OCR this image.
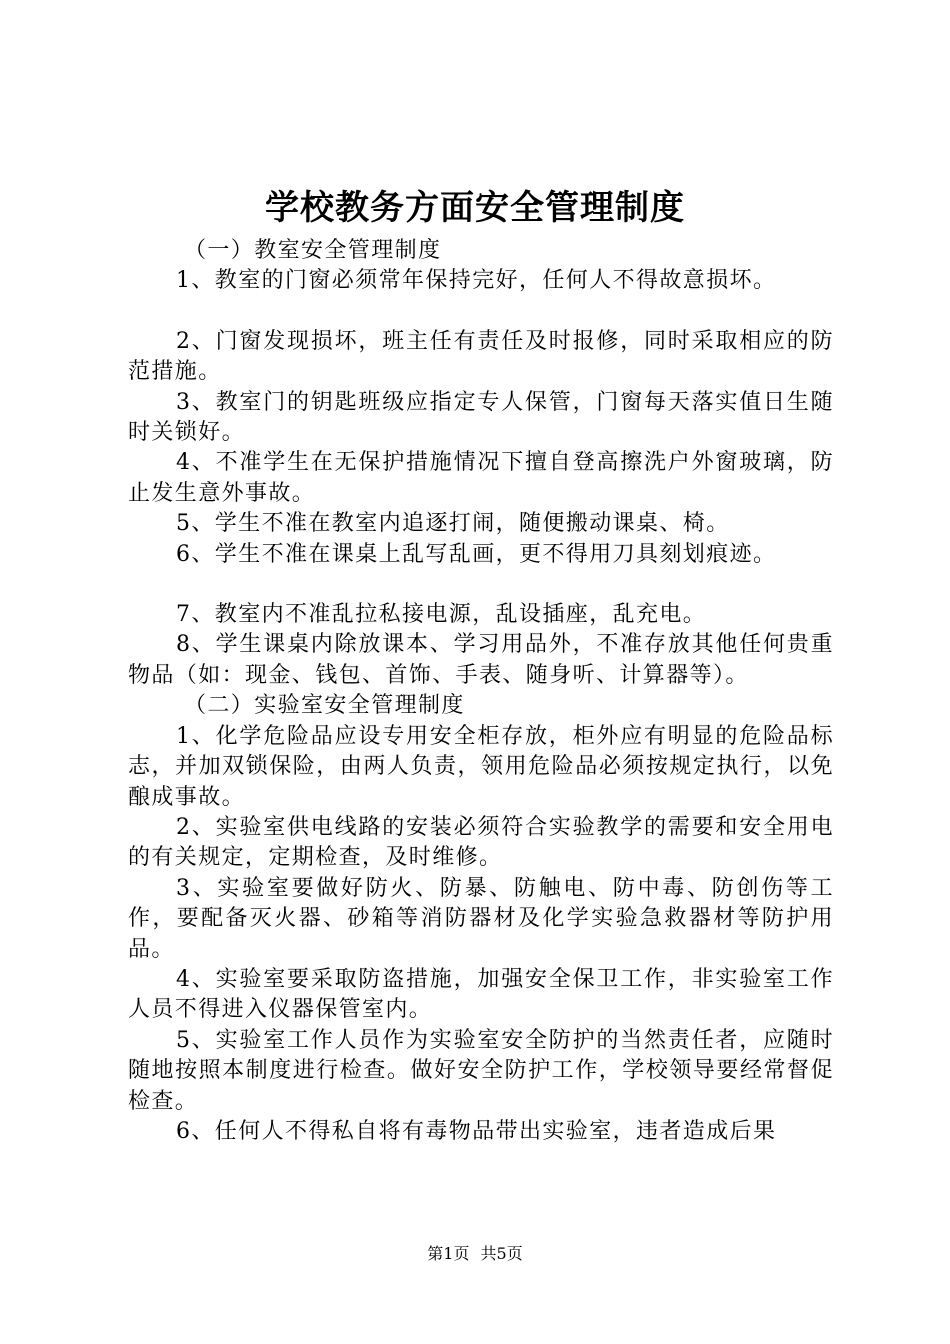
学校教务方面安全管理制度

（一）教室安全管理制度

1、教室的门窗必须常年保持完好，任何人不得故意损坏。

2、门窗发现损坏，班主任有责任及时报修，同时采取相应的防范措施。

3、教室门的钥匙班级应指定专人保管，门窗每天落实值日生随时关锁好。

4、不准学生在无保护措施情况下擅自登高擦洗户外窗玻璃，防止发生意外事故。

5、学生不准在教室内追逐打闹，随便搬动课桌、椅。

6、学生不准在课桌上乱写乱画，更不得用刀具刻划痕迹。

7、教室内不准乱拉私接电源，乱设插座，乱充电。

8、学生课桌内除放课本、学习用品外，不准存放其他任何贵重物品（如：现金、钱包、首饰、手表、随身听、计算器等）。

（二）实验室安全管理制度

1、化学危险品应设专用安全柜存放，柜外应有明显的危险品标志，并加双锁保险，由两人负责，领用危险品必须按规定执行，以免酿成事故。

2、实验室供电线路的安装必须符合实验教学的需要和安全用电的有关规定，定期检查，及时维修。

3、实验室要做好防火、防暴、防触电、防中毒、防创伤等工作，要配备灭火器、砂箱等消防器材及化学实验急救器材等防护用品。

4、实验室要采取防盗措施，加强安全保卫工作，非实验室工作人员不得进入仪器保管室内。

5、实验室工作人员作为实验室安全防护的当然责任者，应随时随地按照本制度进行检查。做好安全防护工作，学校领导要经常督促检查。

6、任何人不得私自将有毒物品带出实验室，违者造成后果

第1页 共5页
